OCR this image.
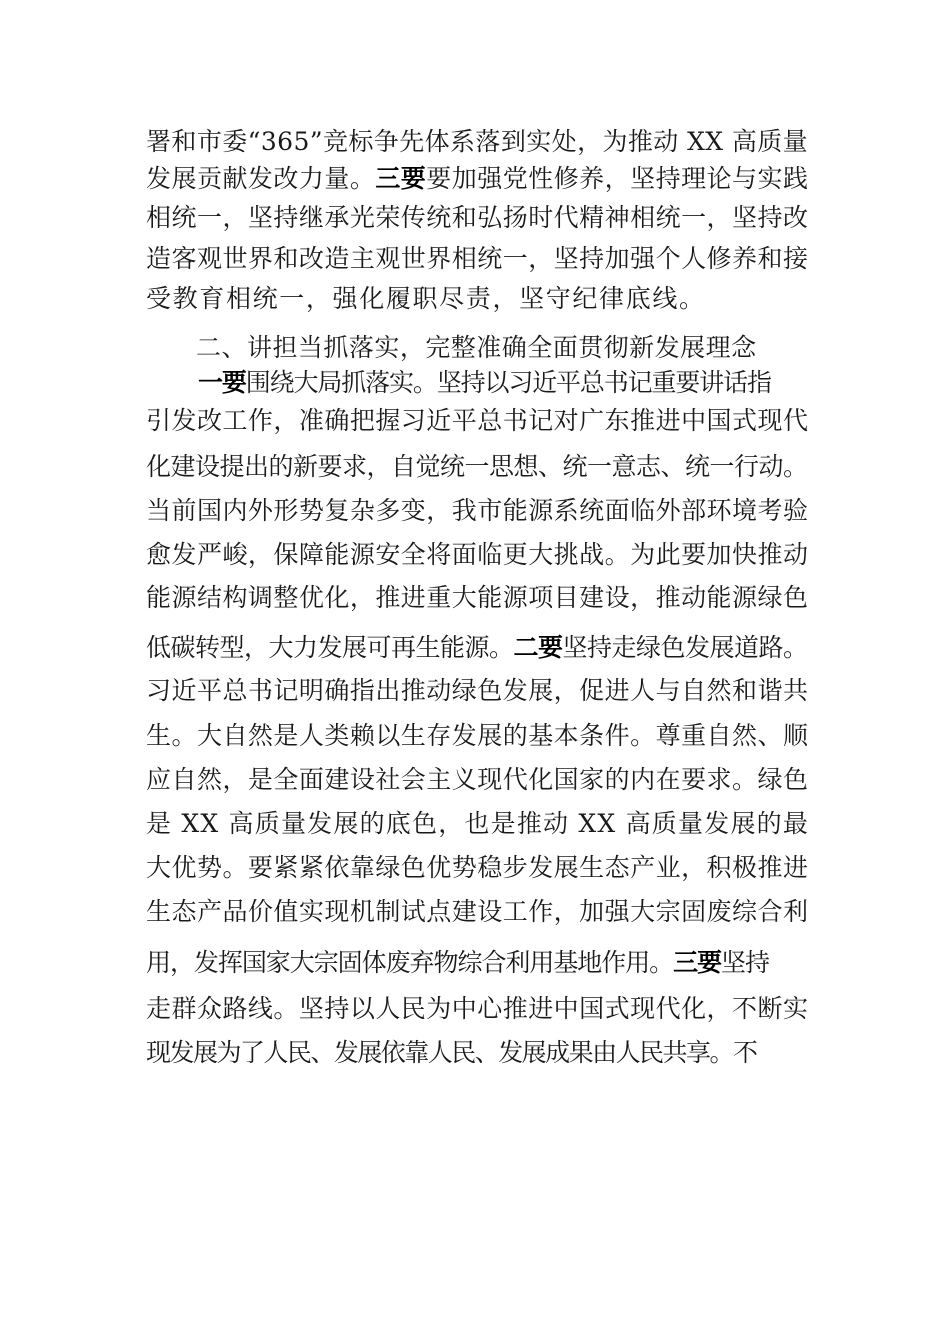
署和市委“365”竞标争先体系落到实处，为推动 XX 高质量
发展贡献发改力量。三要要加强党性修养，坚持理论与实践
相统一，坚持继承光荣传统和弘扬时代精神相统一，坚持改
造客观世界和改造主观世界相统一，坚持加强个人修养和接
受教育相统一，强化履职尽责，坚守纪律底线。
二、讲担当抓落实，完整准确全面贯彻新发展理念
一要围绕大局抓落实。坚持以习近平总书记重要讲话指
引发改工作，准确把握习近平总书记对广东推进中国式现代
化建设提出的新要求，自觉统一思想、统一意志、统一行动。
当前国内外形势复杂多变，我市能源系统面临外部环境考验
愈发严峻，保障能源安全将面临更大挑战。为此要加快推动
能源结构调整优化，推进重大能源项目建设，推动能源绿色
低碳转型，大力发展可再生能源。二要坚持走绿色发展道路。
习近平总书记明确指出推动绿色发展，促进人与自然和谐共
生。大自然是人类赖以生存发展的基本条件。尊重自然、顺
应自然，是全面建设社会主义现代化国家的内在要求。绿色
是 XX 高质量发展的底色，也是推动 XX 高质量发展的最
大优势。要紧紧依靠绿色优势稳步发展生态产业，积极推进
生态产品价值实现机制试点建设工作，加强大宗固废综合利
用，发挥国家大宗固体废弃物综合利用基地作用。三要坚持
走群众路线。坚持以人民为中心推进中国式现代化，不断实
现发展为了人民、发展依靠人民、发展成果由人民共享。不
